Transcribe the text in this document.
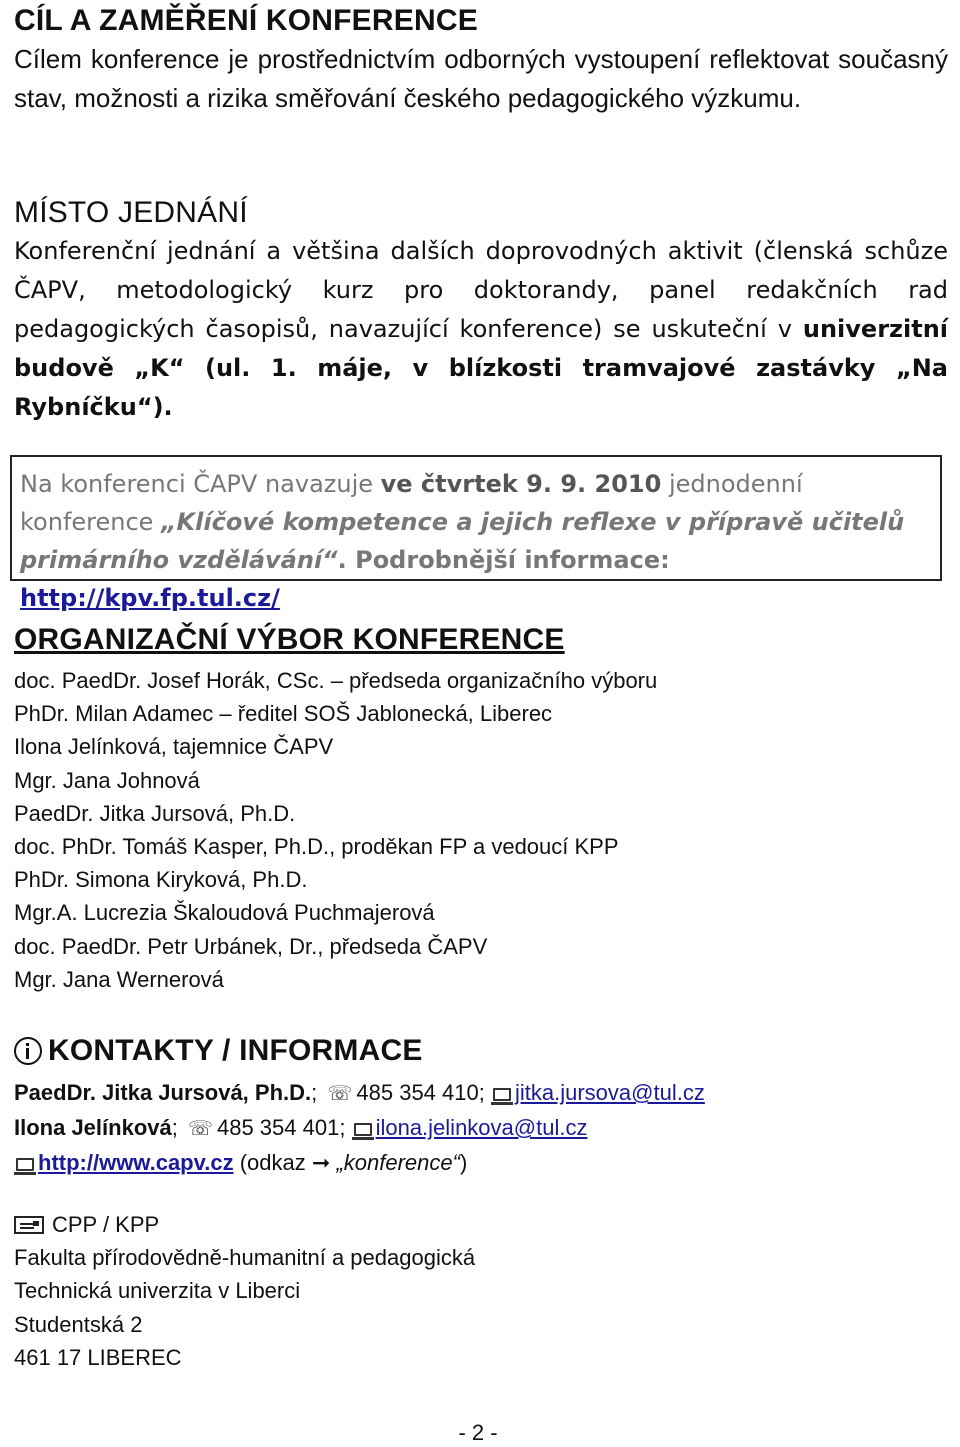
CÍL A ZAMĚŘENÍ KONFERENCE

Cílem konference je prostřednictvím odborných vystoupení reflektovat současný stav, možnosti a rizika směřování českého pedagogického výzkumu.

MÍSTO JEDNÁNÍ

Konferenční jednání a většina dalších doprovodných aktivit (členská schůze ČAPV, metodologický kurz pro doktorandy, panel redakčních rad pedagogických časopisů, navazující konference) se uskuteční v univerzitní budově „K“ (ul. 1. máje, v blízkosti tramvajové zastávky „Na Rybníčku“).

Na konferenci ČAPV navazuje ve čtvrtek 9. 9. 2010 jednodenní konference „Klíčové kompetence a jejich reflexe v přípravě učitelů primárního vzdělávání“. Podrobnější informace: http://kpv.fp.tul.cz/
ORGANIZAČNÍ VÝBOR KONFERENCE
doc. PaedDr. Josef Horák, CSc. – předseda organizačního výboru
PhDr. Milan Adamec – ředitel SOŠ Jablonecká, Liberec
Ilona Jelínková, tajemnice ČAPV
Mgr. Jana Johnová
PaedDr. Jitka Jursová, Ph.D.
doc. PhDr. Tomáš Kasper, Ph.D., proděkan FP a vedoucí KPP
PhDr. Simona Kiryková, Ph.D.
Mgr.A. Lucrezia Škaloudová Puchmajerová
doc. PaedDr. Petr Urbánek, Dr., předseda ČAPV
Mgr. Jana Wernerová
KONTAKTY / INFORMACE
PaedDr. Jitka Jursová, Ph.D.; ☏ 485 354 410; jitka.jursova@tul.cz
Ilona Jelínková; ☏ 485 354 401; ilona.jelinkova@tul.cz
http://www.capv.cz (odkaz ➞ „konference“)
CPP / KPP
Fakulta přírodovědně-humanitní a pedagogická
Technická univerzita v Liberci
Studentská 2
461 17 LIBEREC
- 2 -
